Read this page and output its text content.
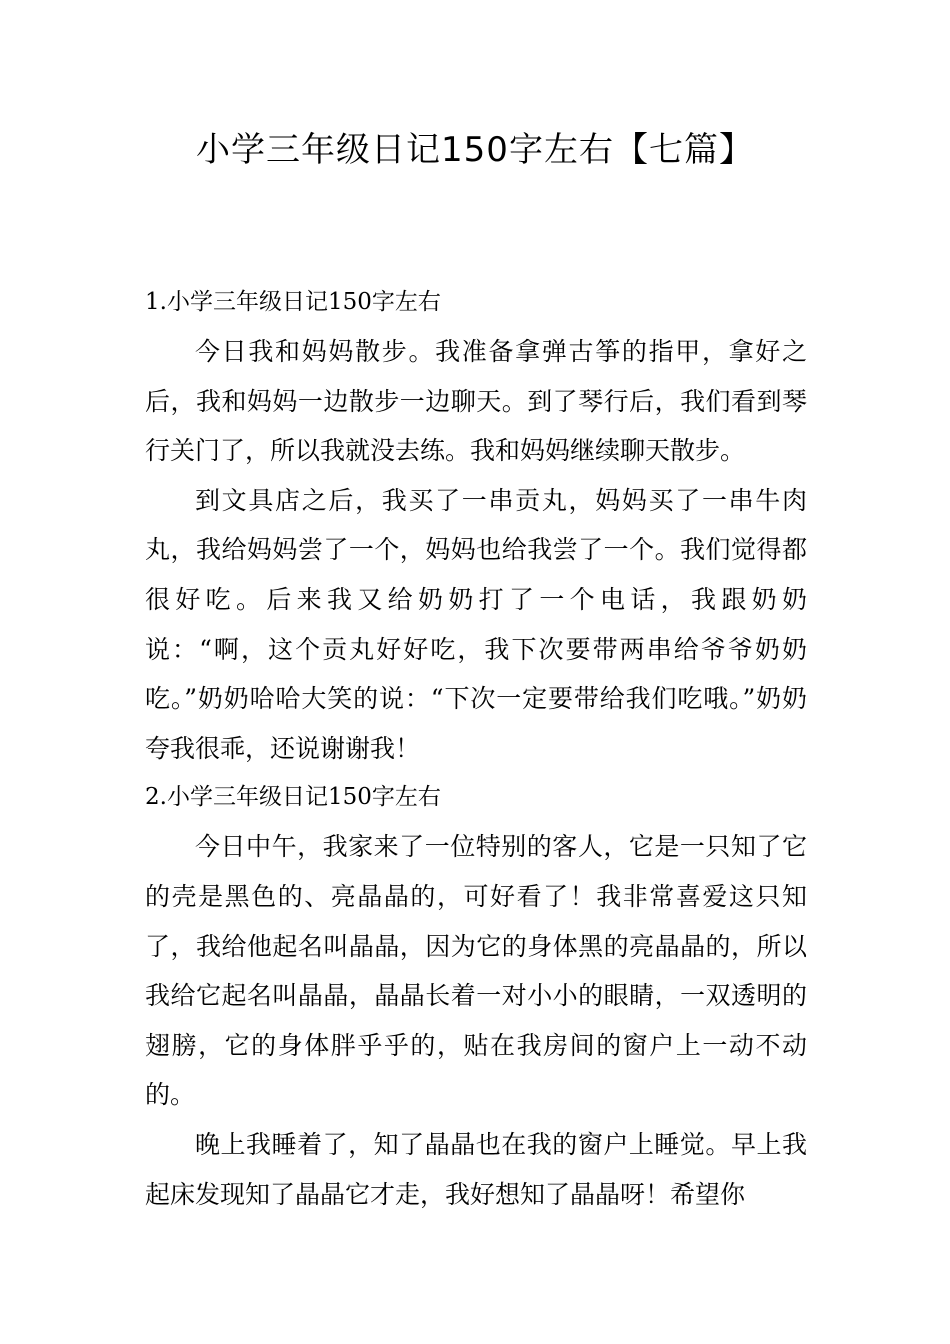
小学三年级日记150字左右【七篇】
1.小学三年级日记150字左右

今日我和妈妈散步。我准备拿弹古筝的指甲，拿好之后，我和妈妈一边散步一边聊天。到了琴行后，我们看到琴行关门了，所以我就没去练。我和妈妈继续聊天散步。

到文具店之后，我买了一串贡丸，妈妈买了一串牛肉丸，我给妈妈尝了一个，妈妈也给我尝了一个。我们觉得都很好吃。后来我又给奶奶打了一个电话，我跟奶奶说：“啊，这个贡丸好好吃，我下次要带两串给爷爷奶奶吃。”奶奶哈哈大笑的说：“下次一定要带给我们吃哦。”奶奶夸我很乖，还说谢谢我！

2.小学三年级日记150字左右

今日中午，我家来了一位特别的客人，它是一只知了它的壳是黑色的、亮晶晶的，可好看了！我非常喜爱这只知了，我给他起名叫晶晶，因为它的身体黑的亮晶晶的，所以我给它起名叫晶晶，晶晶长着一对小小的眼睛，一双透明的翅膀，它的身体胖乎乎的，贴在我房间的窗户上一动不动的。

晚上我睡着了，知了晶晶也在我的窗户上睡觉。早上我起床发现知了晶晶它才走，我好想知了晶晶呀！希望你
